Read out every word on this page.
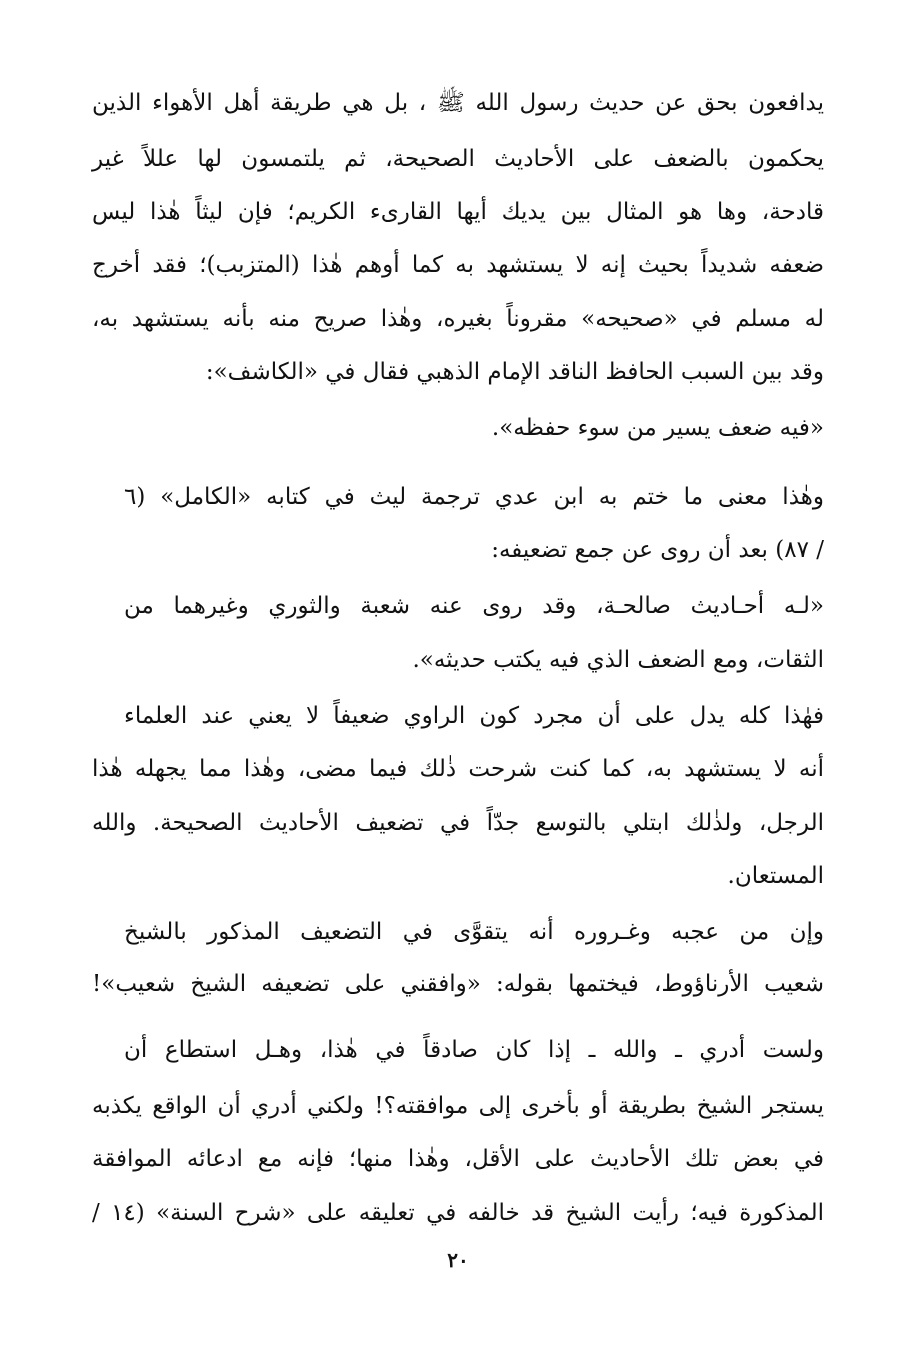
يدافعون بحق عن حديث رسول الله ﷺ ، بل هي طريقة أهل الأهواء الذين
يحكمون بالضعف على الأحاديث الصحيحة، ثم يلتمسون لها عللاً غير
قادحة، وها هو المثال بين يديك أيها القارىء الكريم؛ فإن ليثاً هٰذا ليس
ضعفه شديداً بحيث إنه لا يستشهد به كما أوهم هٰذا (المتزبب)؛ فقد أخرج
له مسلم في «صحيحه» مقروناً بغيره، وهٰذا صريح منه بأنه يستشهد به،
وقد بين السبب الحافظ الناقد الإمام الذهبي فقال في «الكاشف»:
«فيه ضعف يسير من سوء حفظه».
وهٰذا معنى ما ختم به ابن عدي ترجمة ليث في كتابه «الكامل» (٦
/ ٨٧) بعد أن روى عن جمع تضعيفه:
«لـه أحـاديث صالحـة، وقد روى عنه شعبة والثوري وغيرهما من
الثقات، ومع الضعف الذي فيه يكتب حديثه».
فهٰذا كله يدل على أن مجرد كون الراوي ضعيفاً لا يعني عند العلماء
أنه لا يستشهد به، كما كنت شرحت ذٰلك فيما مضى، وهٰذا مما يجهله هٰذا
الرجل، ولذٰلك ابتلي بالتوسع جدّاً في تضعيف الأحاديث الصحيحة. والله
المستعان.
وإن من عجبه وغـروره أنه يتقوَّى في التضعيف المذكور بالشيخ
شعيب الأرناؤوط، فيختمها بقوله: «وافقني على تضعيفه الشيخ شعيب»!
ولست أدري ـ والله ـ إذا كان صادقاً في هٰذا، وهـل استطاع أن
يستجر الشيخ بطريقة أو بأخرى إلى موافقته؟! ولكني أدري أن الواقع يكذبه
في بعض تلك الأحاديث على الأقل، وهٰذا منها؛ فإنه مع ادعائه الموافقة
المذكورة فيه؛ رأيت الشيخ قد خالفه في تعليقه على «شرح السنة» (١٤ /
٢٠
